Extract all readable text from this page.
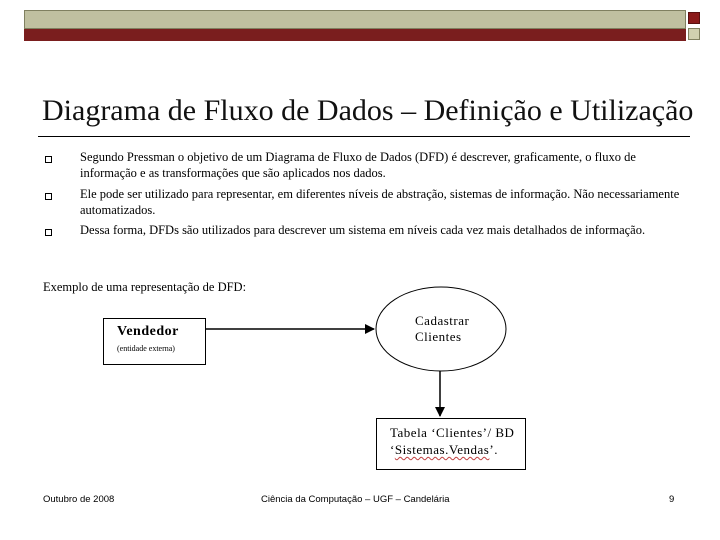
Diagrama de Fluxo de Dados – Definição e Utilização
Segundo Pressman o objetivo de um Diagrama de Fluxo de Dados (DFD) é descrever, graficamente, o fluxo de informação e as transformações que são aplicados nos dados.
Ele pode ser utilizado para representar, em diferentes níveis de abstração, sistemas de informação. Não necessariamente automatizados.
Dessa forma, DFDs são utilizados para descrever um sistema em níveis cada vez mais detalhados de informação.
Exemplo de uma representação de DFD:
Vendedor
(entidade externa)
Cadastrar
Clientes
Tabela ‘Clientes’/ BD
‘Sistemas.Vendas’.
Outubro de 2008	Ciência da Computação – UGF – Candelária	9
